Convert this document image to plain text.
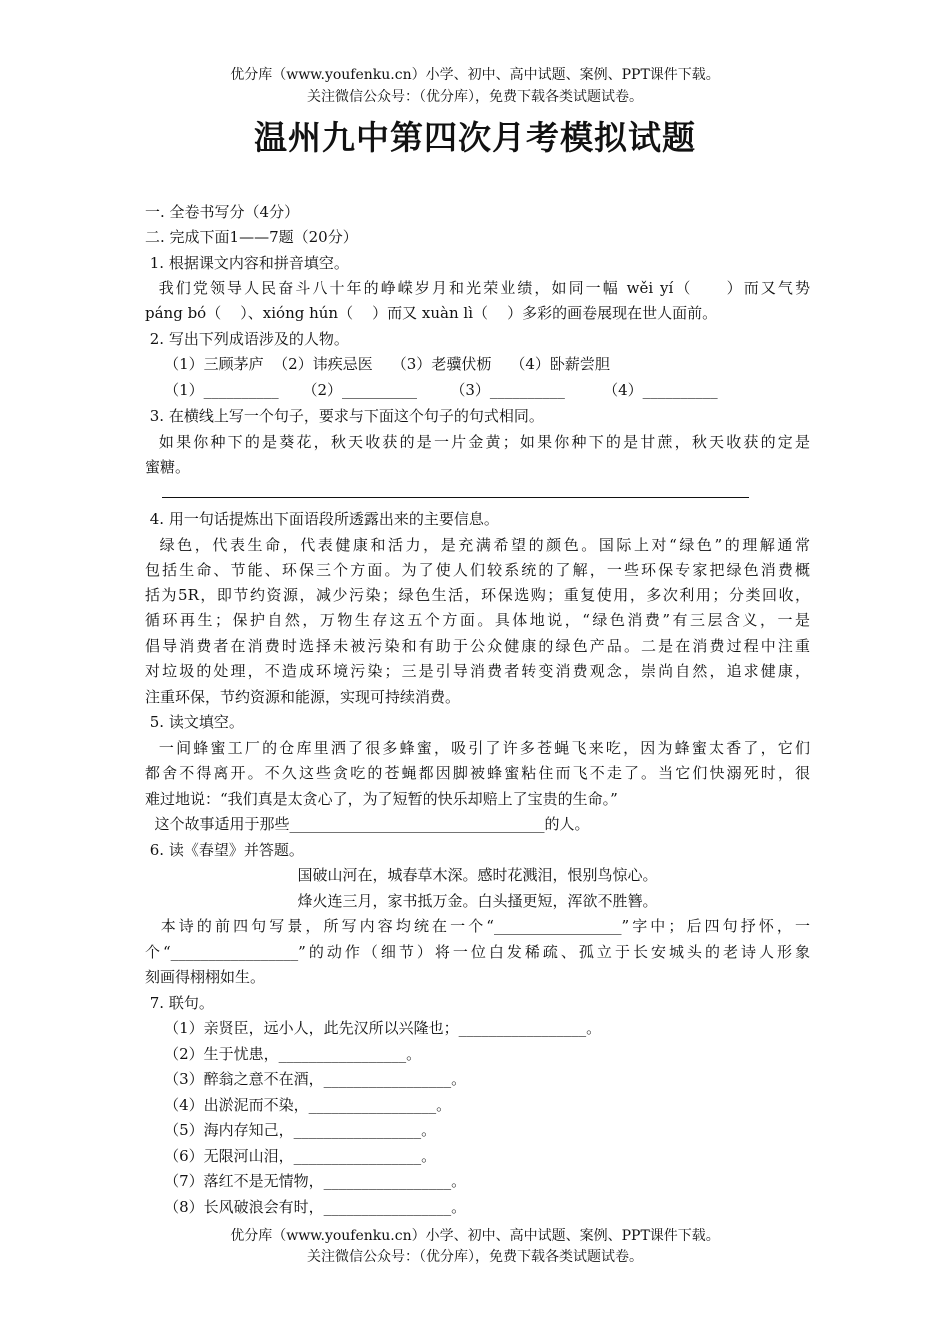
优分库（www.youfenku.cn）小学、初中、高中试题、案例、PPT课件下载。
关注微信公众号：（优分库），免费下载各类试题试卷。
温州九中第四次月考模拟试题
一. 全卷书写分（4分）
二. 完成下面1——7题（20分）
1. 根据课文内容和拼音填空。
我们党领导人民奋斗八十年的峥嵘岁月和光荣业绩，如同一幅 wěi yí（     ）而又气势
páng bó（    ）、xióng hún（    ）而又 xuàn lì（    ）多彩的画卷展现在世人面前。
2. 写出下列成语涉及的人物。
（1）三顾茅庐  （2）讳疾忌医    （3）老骥伏枥    （4）卧薪尝胆
（1）__________     （2）__________       （3）__________        （4）__________
3. 在横线上写一个句子，要求与下面这个句子的句式相同。
如果你种下的是葵花，秋天收获的是一片金黄；如果你种下的是甘蔗，秋天收获的定是
蜜糖。
4. 用一句话提炼出下面语段所透露出来的主要信息。
绿色，代表生命，代表健康和活力，是充满希望的颜色。国际上对“绿色”的理解通常
包括生命、节能、环保三个方面。为了使人们较系统的了解，一些环保专家把绿色消费概
括为5R，即节约资源，减少污染；绿色生活，环保选购；重复使用，多次利用；分类回收，
循环再生；保护自然，万物生存这五个方面。具体地说，“绿色消费”有三层含义，一是
倡导消费者在消费时选择未被污染和有助于公众健康的绿色产品。二是在消费过程中注重
对垃圾的处理，不造成环境污染；三是引导消费者转变消费观念，崇尚自然，追求健康，
注重环保，节约资源和能源，实现可持续消费。
5. 读文填空。
一间蜂蜜工厂的仓库里洒了很多蜂蜜，吸引了许多苍蝇飞来吃，因为蜂蜜太香了，它们
都舍不得离开。不久这些贪吃的苍蝇都因脚被蜂蜜粘住而飞不走了。当它们快溺死时，很
难过地说：“我们真是太贪心了，为了短暂的快乐却赔上了宝贵的生命。”
这个故事适用于那些__________________________________的人。
6. 读《春望》并答题。
国破山河在，城春草木深。感时花溅泪，恨别鸟惊心。
烽火连三月，家书抵万金。白头搔更短，浑欲不胜簪。
本诗的前四句写景，所写内容均统在一个“_________________”字中；后四句抒怀，一
个“_________________”的动作（细节）将一位白发稀疏、孤立于长安城头的老诗人形象
刻画得栩栩如生。
7. 联句。
（1）亲贤臣，远小人，此先汉所以兴隆也；_________________。
（2）生于忧患，_________________。
（3）醉翁之意不在酒，_________________。
（4）出淤泥而不染，_________________。
（5）海内存知己，_________________。
（6）无限河山泪，_________________。
（7）落红不是无情物，_________________。
（8）长风破浪会有时，_________________。
优分库（www.youfenku.cn）小学、初中、高中试题、案例、PPT课件下载。
关注微信公众号：（优分库），免费下载各类试题试卷。
